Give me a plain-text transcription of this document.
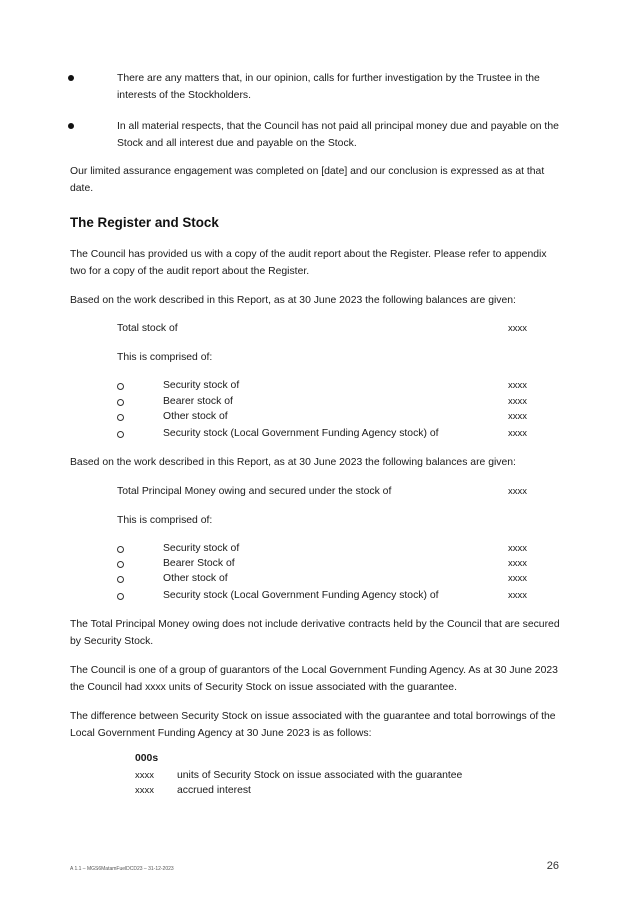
There are any matters that, in our opinion, calls for further investigation by the Trustee in the interests of the Stockholders.

In all material respects, that the Council has not paid all principal money due and payable on the Stock and all interest due and payable on the Stock.

Our limited assurance engagement was completed on [date] and our conclusion is expressed as at that date.

The Register and Stock

The Council has provided us with a copy of the audit report about the Register. Please refer to appendix two for a copy of the audit report about the Register.

Based on the work described in this Report, as at 30 June 2023 the following balances are given:

Total stock of	xxxx
This is comprised of:
Security stock of	xxxx
Bearer stock of	xxxx
Other stock of	xxxx
Security stock (Local Government Funding Agency stock) of	xxxx

Based on the work described in this Report, as at 30 June 2023 the following balances are given:

Total Principal Money owing and secured under the stock of	xxxx
This is comprised of:
Security stock of	xxxx
Bearer Stock of	xxxx
Other stock of	xxxx
Security stock (Local Government Funding Agency stock) of	xxxx

The Total Principal Money owing does not include derivative contracts held by the Council that are secured by Security Stock.

The Council is one of a group of guarantors of the Local Government Funding Agency. As at 30 June 2023 the Council had xxxx units of Security Stock on issue associated with the guarantee.

The difference between Security Stock on issue associated with the guarantee and total borrowings of the Local Government Funding Agency at 30 June 2023 is as follows:

000s
xxxx units of Security Stock on issue associated with the guarantee
xxxx accrued interest
A 1.1 – MGS6MatamFuelDCD23 – 31-12-2023	26
